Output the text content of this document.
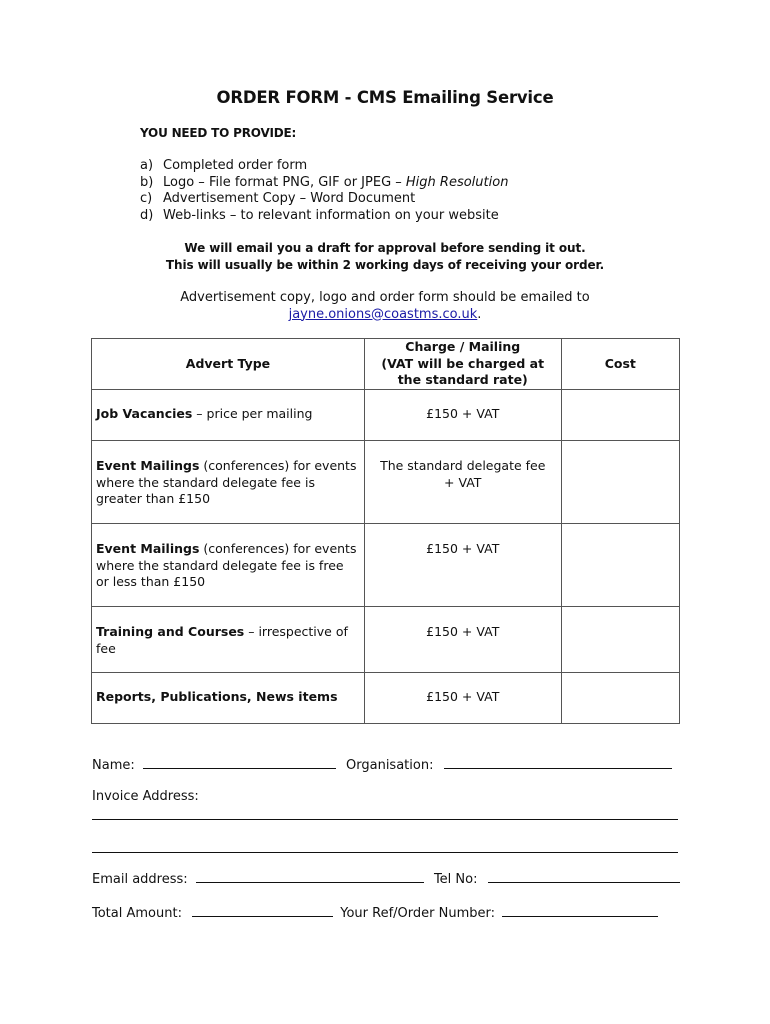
ORDER FORM - CMS Emailing Service
YOU NEED TO PROVIDE:
a) Completed order form
b) Logo – File format PNG, GIF or JPEG – High Resolution
c) Advertisement Copy – Word Document
d) Web-links – to relevant information on your website
We will email you a draft for approval before sending it out.
This will usually be within 2 working days of receiving your order.
Advertisement copy, logo and order form should be emailed to
jayne.onions@coastms.co.uk.
Advert Type	Charge / Mailing
(VAT will be charged at
the standard rate)	Cost

Job Vacancies – price per mailing	£150 + VAT	

Event Mailings (conferences) for events where the standard delegate fee is greater than £150	The standard delegate fee + VAT	

Event Mailings (conferences) for events where the standard delegate fee is free or less than £150	£150 + VAT	

Training and Courses – irrespective of fee	£150 + VAT	

Reports, Publications, News items	£150 + VAT	

Name:	Organisation:
Invoice Address:
Email address:	Tel No:
Total Amount:	Your Ref/Order Number:
